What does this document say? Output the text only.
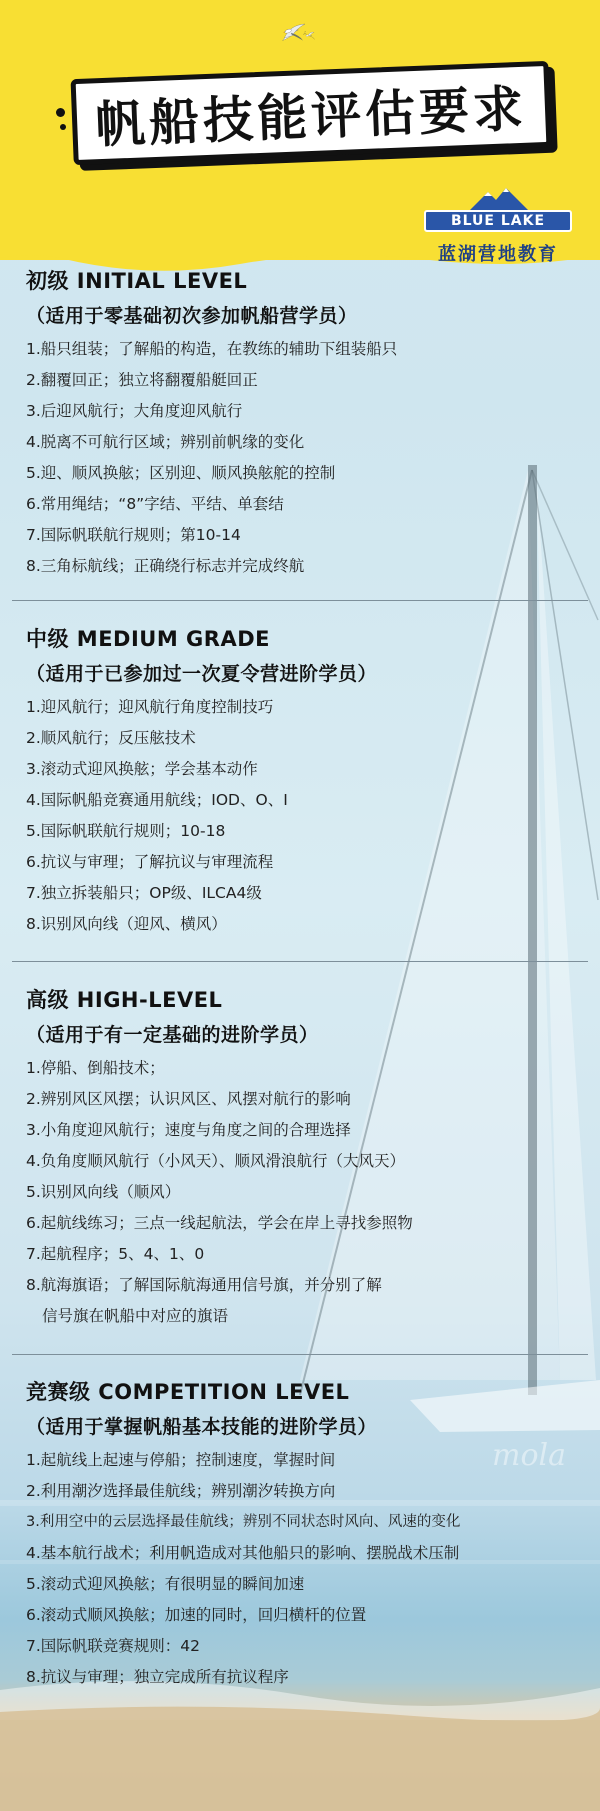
帆船技能评估要求
BLUE LAKE
蓝湖营地教育
初级 INITIAL LEVEL
（适用于零基础初次参加帆船营学员）
1.船只组装；了解船的构造，在教练的辅助下组装船只
2.翻覆回正；独立将翻覆船艇回正
3.后迎风航行；大角度迎风航行
4.脱离不可航行区域；辨别前帆缘的变化
5.迎、顺风换舷；区别迎、顺风换舷舵的控制
6.常用绳结；“8”字结、平结、单套结
7.国际帆联航行规则；第10-14
8.三角标航线；正确绕行标志并完成终航
中级 MEDIUM GRADE
（适用于已参加过一次夏令营进阶学员）
1.迎风航行；迎风航行角度控制技巧
2.顺风航行；反压舷技术
3.滚动式迎风换舷；学会基本动作
4.国际帆船竞赛通用航线；IOD、O、I
5.国际帆联航行规则；10-18
6.抗议与审理；了解抗议与审理流程
7.独立拆装船只；OP级、ILCA4级
8.识别风向线（迎风、横风）
高级 HIGH-LEVEL
（适用于有一定基础的进阶学员）
1.停船、倒船技术；
2.辨别风区风摆；认识风区、风摆对航行的影响
3.小角度迎风航行；速度与角度之间的合理选择
4.负角度顺风航行（小风天）、顺风滑浪航行（大风天）
5.识别风向线（顺风）
6.起航线练习；三点一线起航法，学会在岸上寻找参照物
7.起航程序；5、4、1、0
8.航海旗语；了解国际航海通用信号旗，并分别了解
信号旗在帆船中对应的旗语
竞赛级 COMPETITION LEVEL
（适用于掌握帆船基本技能的进阶学员）
1.起航线上起速与停船；控制速度，掌握时间
2.利用潮汐选择最佳航线；辨别潮汐转换方向
3.利用空中的云层选择最佳航线；辨别不同状态时风向、风速的变化
4.基本航行战术；利用帆造成对其他船只的影响、摆脱战术压制
5.滚动式迎风换舷；有很明显的瞬间加速
6.滚动式顺风换舷；加速的同时，回归横杆的位置
7.国际帆联竞赛规则：42
8.抗议与审理；独立完成所有抗议程序
mola
